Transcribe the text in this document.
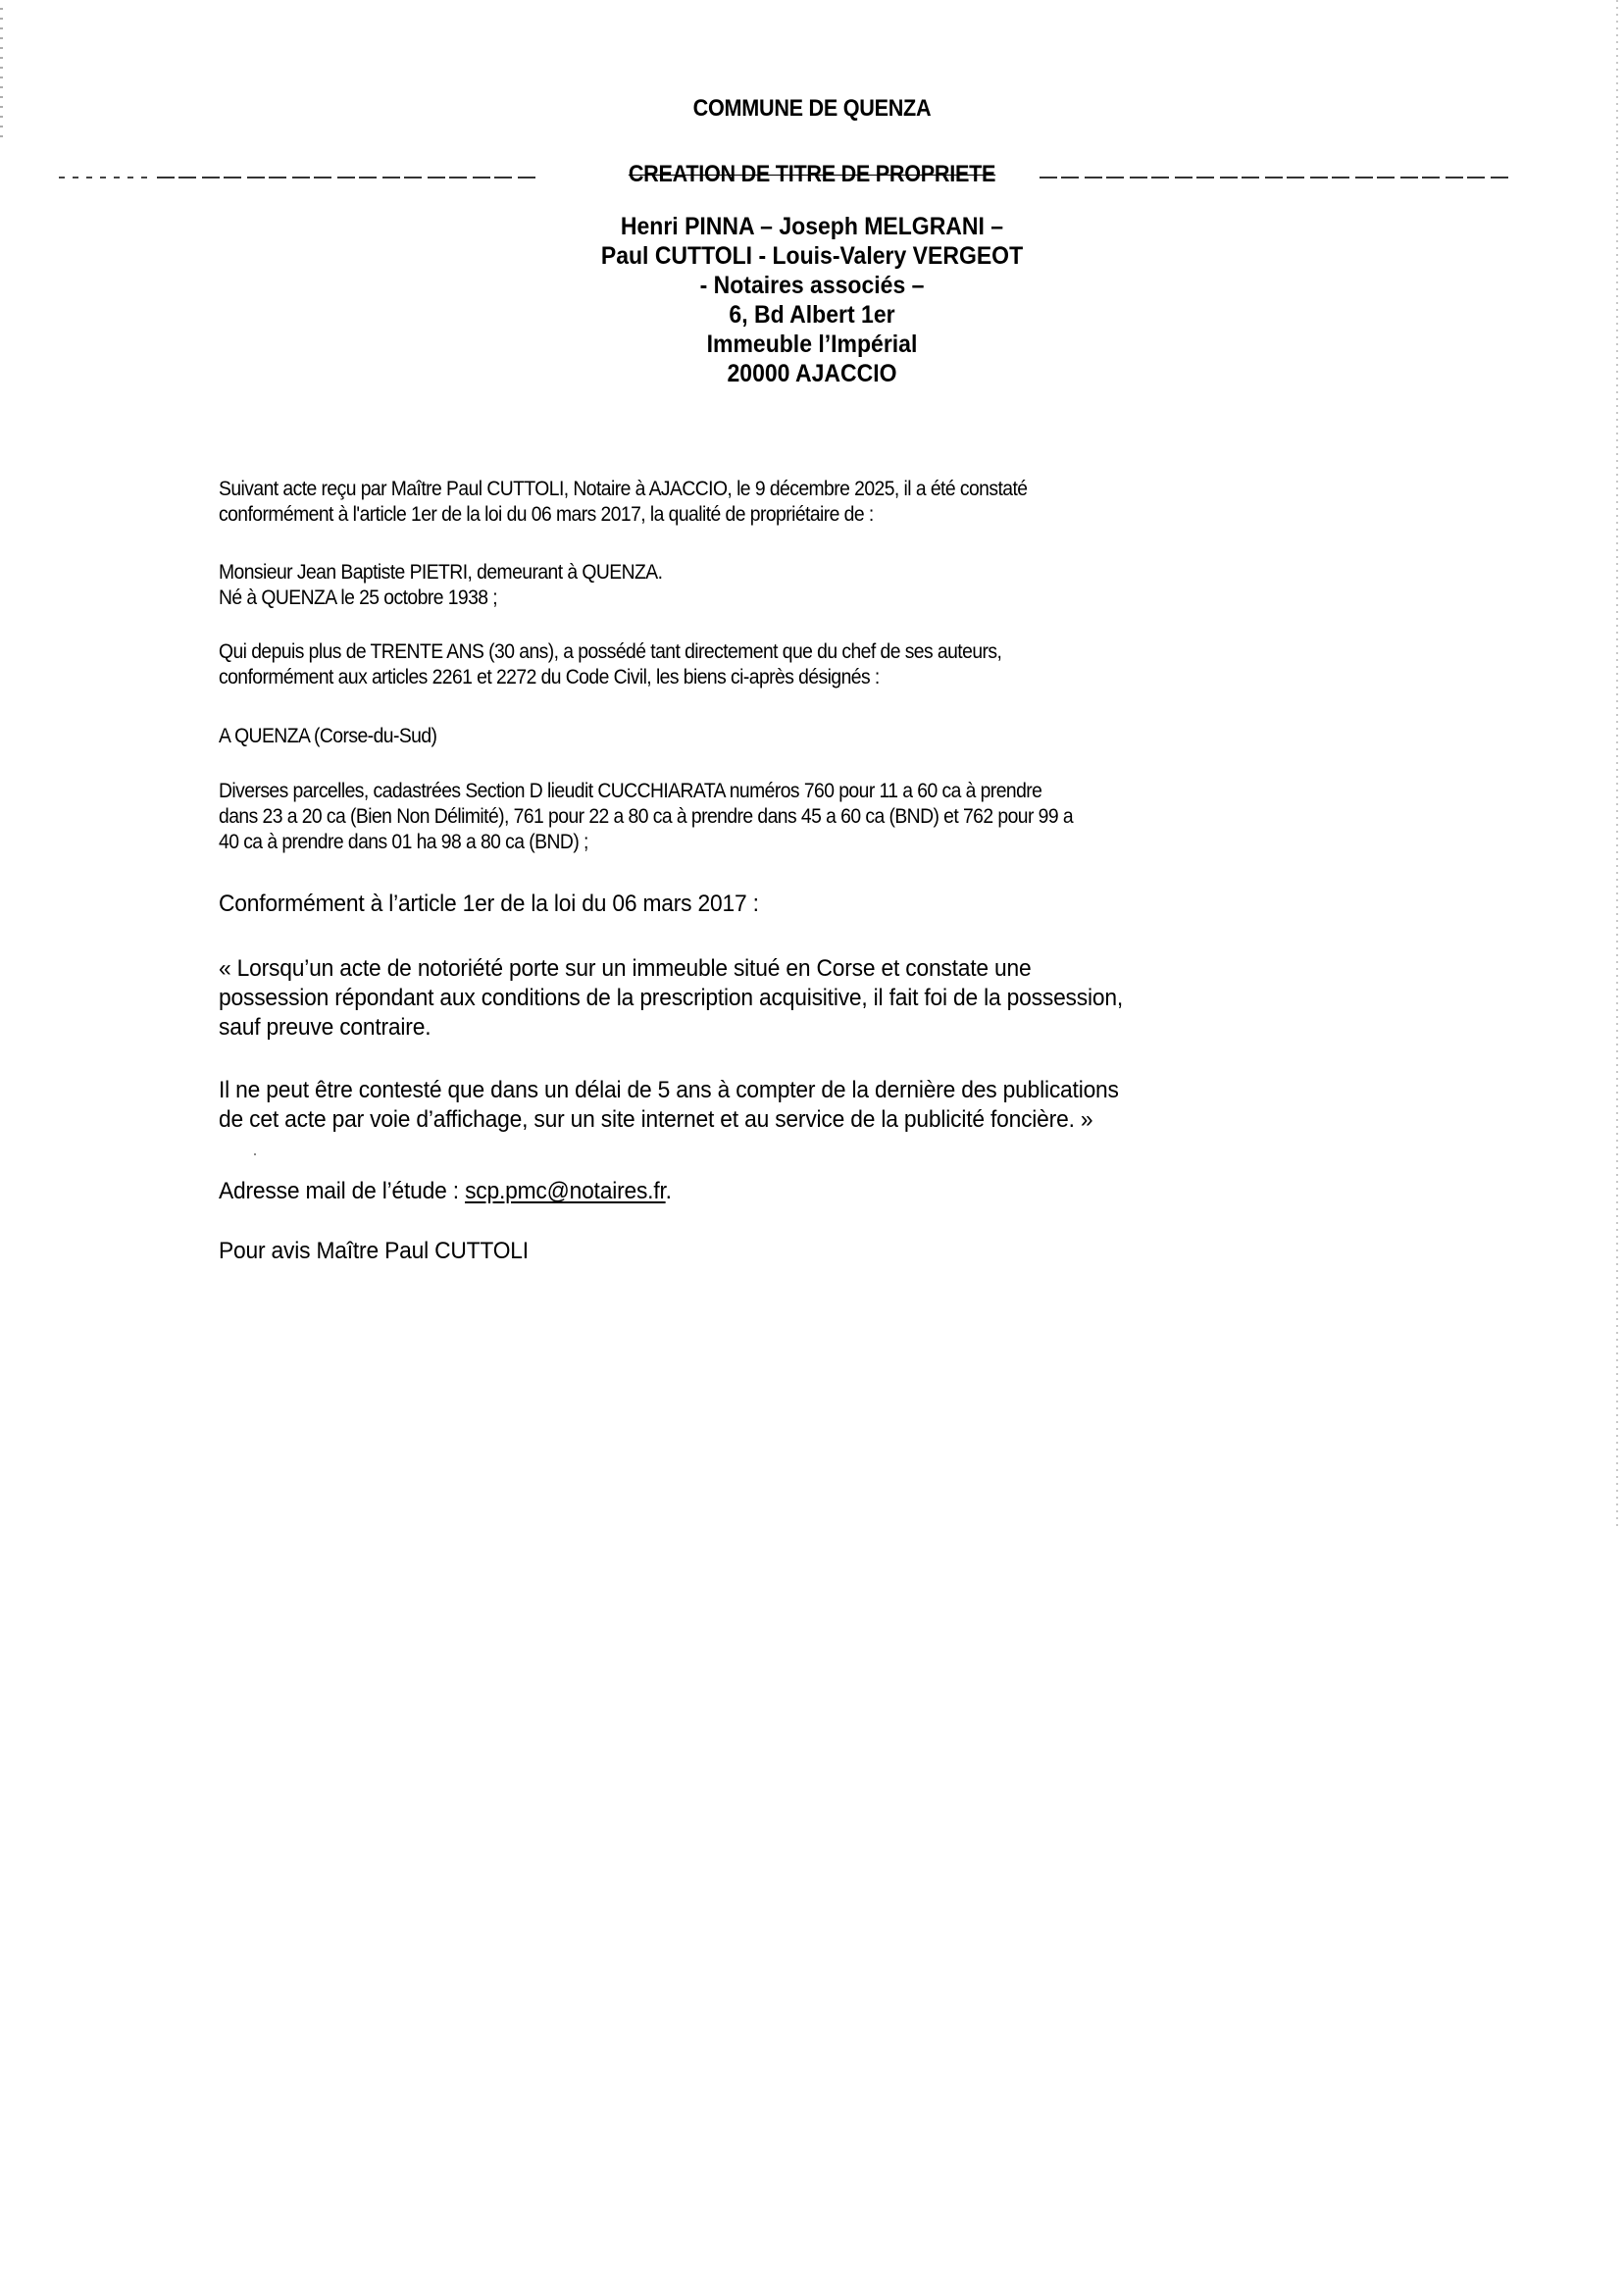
COMMUNE DE QUENZA
CREATION DE TITRE DE PROPRIETE
Henri PINNA – Joseph MELGRANI –
Paul CUTTOLI - Louis-Valery VERGEOT
- Notaires associés –
6, Bd Albert 1er
Immeuble l’Impérial
20000 AJACCIO
Suivant acte reçu par Maître Paul CUTTOLI, Notaire à AJACCIO, le 9 décembre 2025, il a été constaté
conformément à l'article 1er de la loi du 06 mars 2017, la qualité de propriétaire de :
Monsieur Jean Baptiste PIETRI, demeurant à QUENZA.
Né à QUENZA le 25 octobre 1938 ;
Qui depuis plus de TRENTE ANS (30 ans), a possédé tant directement que du chef de ses auteurs,
conformément aux articles 2261 et 2272 du Code Civil, les biens ci-après désignés :
A QUENZA (Corse-du-Sud)
Diverses parcelles, cadastrées Section D lieudit CUCCHIARATA numéros 760 pour 11 a 60 ca à prendre
dans 23 a 20 ca (Bien Non Délimité), 761 pour 22 a 80 ca à prendre dans 45 a 60 ca (BND) et 762 pour 99 a
40 ca à prendre dans 01 ha 98 a 80 ca (BND) ;
Conformément à l’article 1er de la loi du 06 mars 2017 :
« Lorsqu’un acte de notoriété porte sur un immeuble situé en Corse et constate une
possession répondant aux conditions de la prescription acquisitive, il fait foi de la possession,
sauf preuve contraire.
Il ne peut être contesté que dans un délai de 5 ans à compter de la dernière des publications
de cet acte par voie d’affichage, sur un site internet et au service de la publicité foncière. »
Adresse mail de l’étude : scp.pmc@notaires.fr.
Pour avis Maître Paul CUTTOLI
